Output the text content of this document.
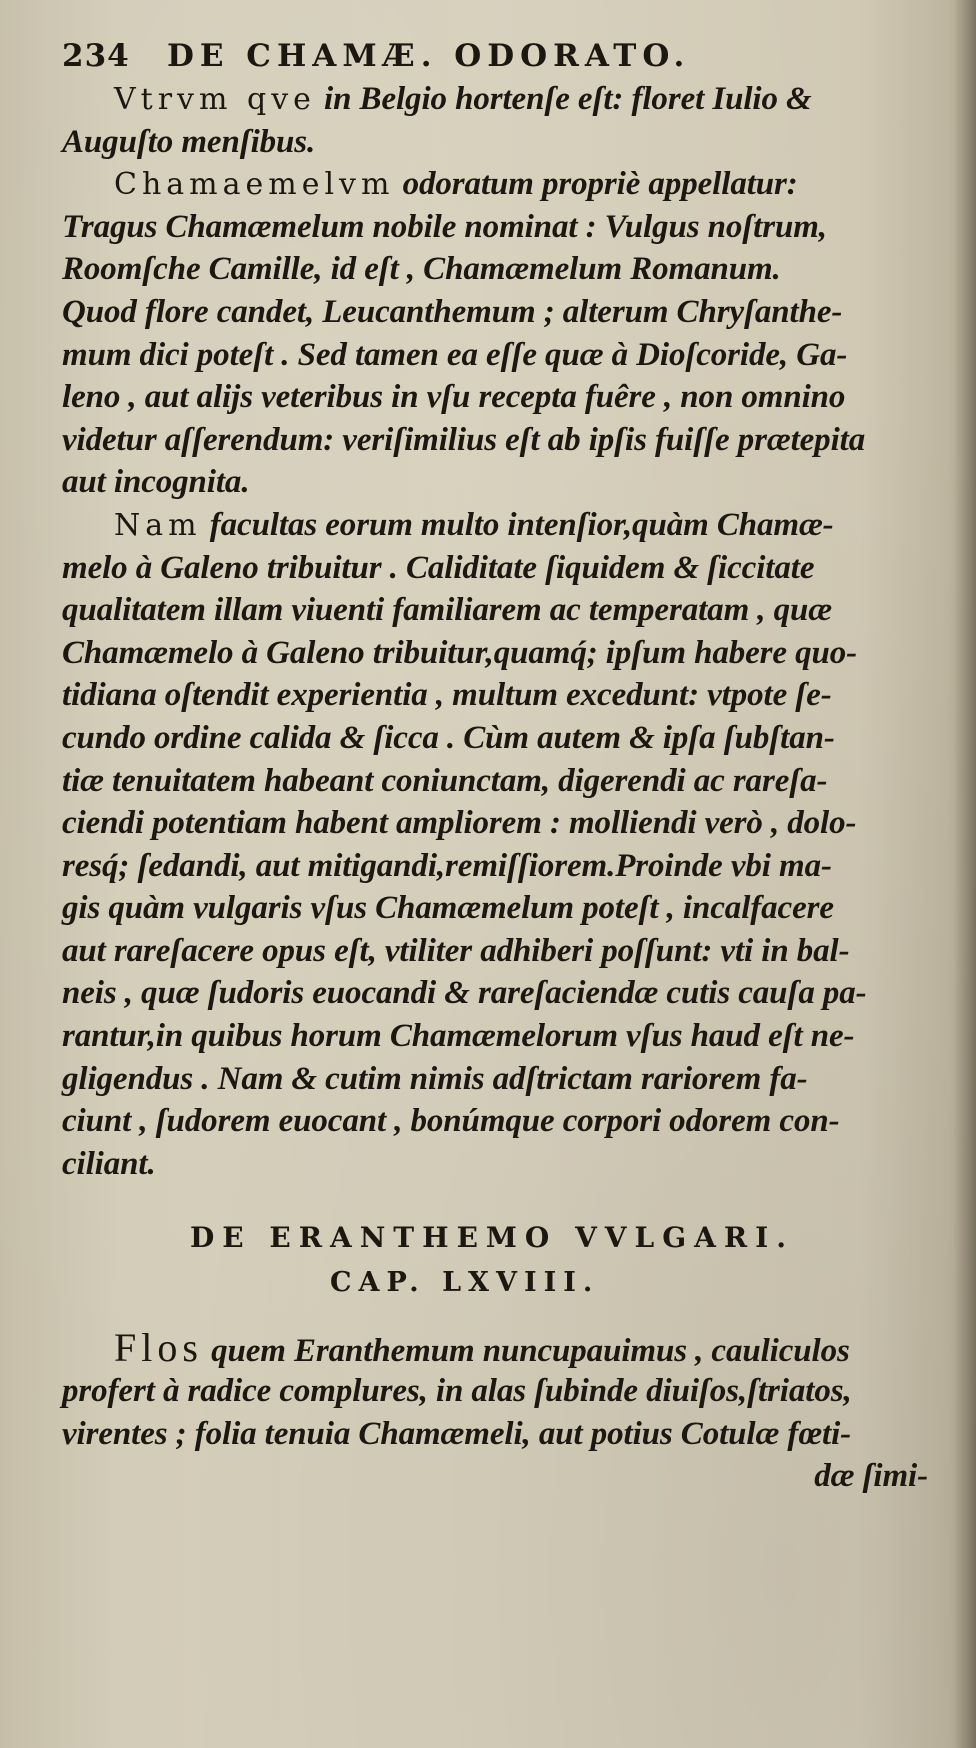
234	DE CHAMÆ. ODORATO.
Vtrvm qve in Belgio hortenſe eſt: floret Iulio &
Auguſto menſibus.
Chamaemelvm odoratum propriè appellatur:
Tragus Chamæmelum nobile nominat : Vulgus noſtrum,
Roomſche Camille, id eſt , Chamæmelum Romanum.
Quod flore candet, Leucanthemum ; alterum Chryſanthe-
mum dici poteſt . Sed tamen ea eſſe quæ à Dioſcoride, Ga-
leno , aut alijs veteribus in vſu recepta fuêre , non omnino
videtur aſſerendum: veriſimilius eſt ab ipſis fuiſſe prætерita
aut incognita.
Nam facultas eorum multo intenſior,quàm Chamæ-
melo à Galeno tribuitur . Caliditate ſiquidem & ſiccitate
qualitatem illam viuenti familiarem ac temperatam , quæ
Chamæmelo à Galeno tribuitur,quamq́; ipſum habere quo-
tidiana oſtendit experientia , multum excedunt: vtpote ſe-
cundo ordine calida & ſicca . Cùm autem & ipſa ſubſtan-
tiæ tenuitatem habeant coniunctam, digerendi ac rareſa-
ciendi potentiam habent ampliorem : molliendi verò , dolo-
resq́; ſedandi, aut mitigandi,remiſſiorem.Proinde vbi ma-
gis quàm vulgaris vſus Chamæmelum poteſt , incalfacere
aut rareſacere opus eſt, vtiliter adhiberi poſſunt: vti in bal-
neis , quæ ſudoris euocandi & rareſaciendæ cutis cauſa pa-
rantur,in quibus horum Chamæmelorum vſus haud eſt ne-
gligendus . Nam & cutim nimis adſtrictam rariorem fa-
ciunt , ſudorem euocant , bonúmque corpori odorem con-
ciliant.
DE ERANTHEMO VVLGARI.
CAP. LXVIII.
Flos quem Eranthemum nuncupauimus , cauliculos
profert à radice complures, in alas ſubinde diuiſos,ſtriatos,
virentes ; folia tenuia Chamæmeli, aut potius Cotulæ fœti-
dæ ſimi-
